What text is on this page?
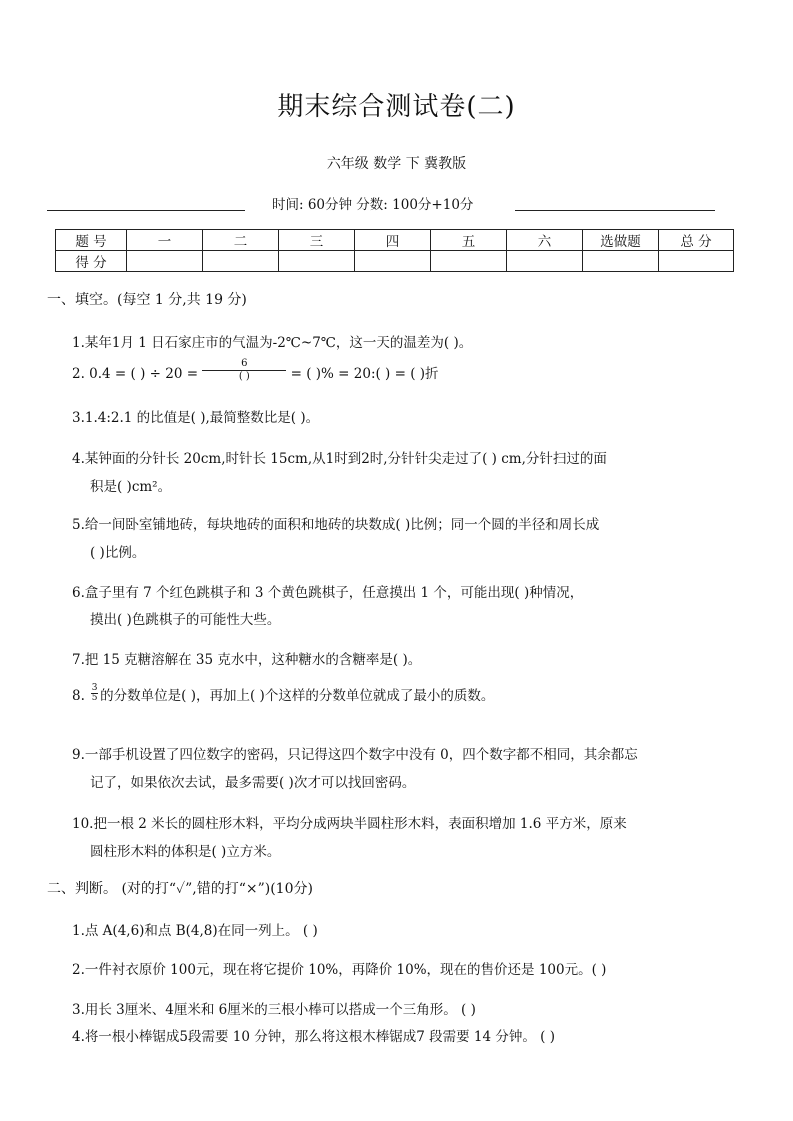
期末综合测试卷(二)
六年级 数学 下 冀教版
时间: 60分钟 分数: 100分+10分
题 号	一	二	三	四	五	六	选做题	总 分
得 分								
一、填空。(每空 1 分,共 19 分)
1.某年1月 1 日石家庄市的气温为-2℃~7℃，这一天的温差为( )。
2. 0.4 = ( ) ÷ $20 = \frac{6}{( )}$ = ( )% = 20:( ) = ( )折
3.1.4:2.1 的比值是( ),最简整数比是( )。
4.某钟面的分针长 20cm,时针长 15cm,从1时到2时,分针针尖走过了( ) cm,分针扫过的面
积是( )cm²。
5.给一间卧室铺地砖，每块地砖的面积和地砖的块数成( )比例；同一个圆的半径和周长成
( )比例。
6.盒子里有 7 个红色跳棋子和 3 个黄色跳棋子，任意摸出 1 个，可能出现( )种情况，
摸出( )色跳棋子的可能性大些。
7.把 15 克糖溶解在 35 克水中，这种糖水的含糖率是( )。
8. $\frac{3}{5}$ 的分数单位是( )，再加上( )个这样的分数单位就成了最小的质数。
9.一部手机设置了四位数字的密码，只记得这四个数字中没有 0，四个数字都不相同，其余都忘
记了，如果依次去试，最多需要( )次才可以找回密码。
10.把一根 2 米长的圆柱形木料，平均分成两块半圆柱形木料，表面积增加 1.6 平方米，原来
圆柱形木料的体积是( )立方米。
二、判断。 (对的打“✓”,错的打“×”)(10分)
1.点 A(4,6)和点 B(4,8)在同一列上。 ( )
2.一件衬衣原价 100元，现在将它提价 10%，再降价 10%，现在的售价还是 100元。( )
3.用长 3厘米、4厘米和 6厘米的三根小棒可以搭成一个三角形。 ( )
4.将一根小棒锯成5段需要 10 分钟，那么将这根木棒锯成7 段需要 14 分钟。 ( )
